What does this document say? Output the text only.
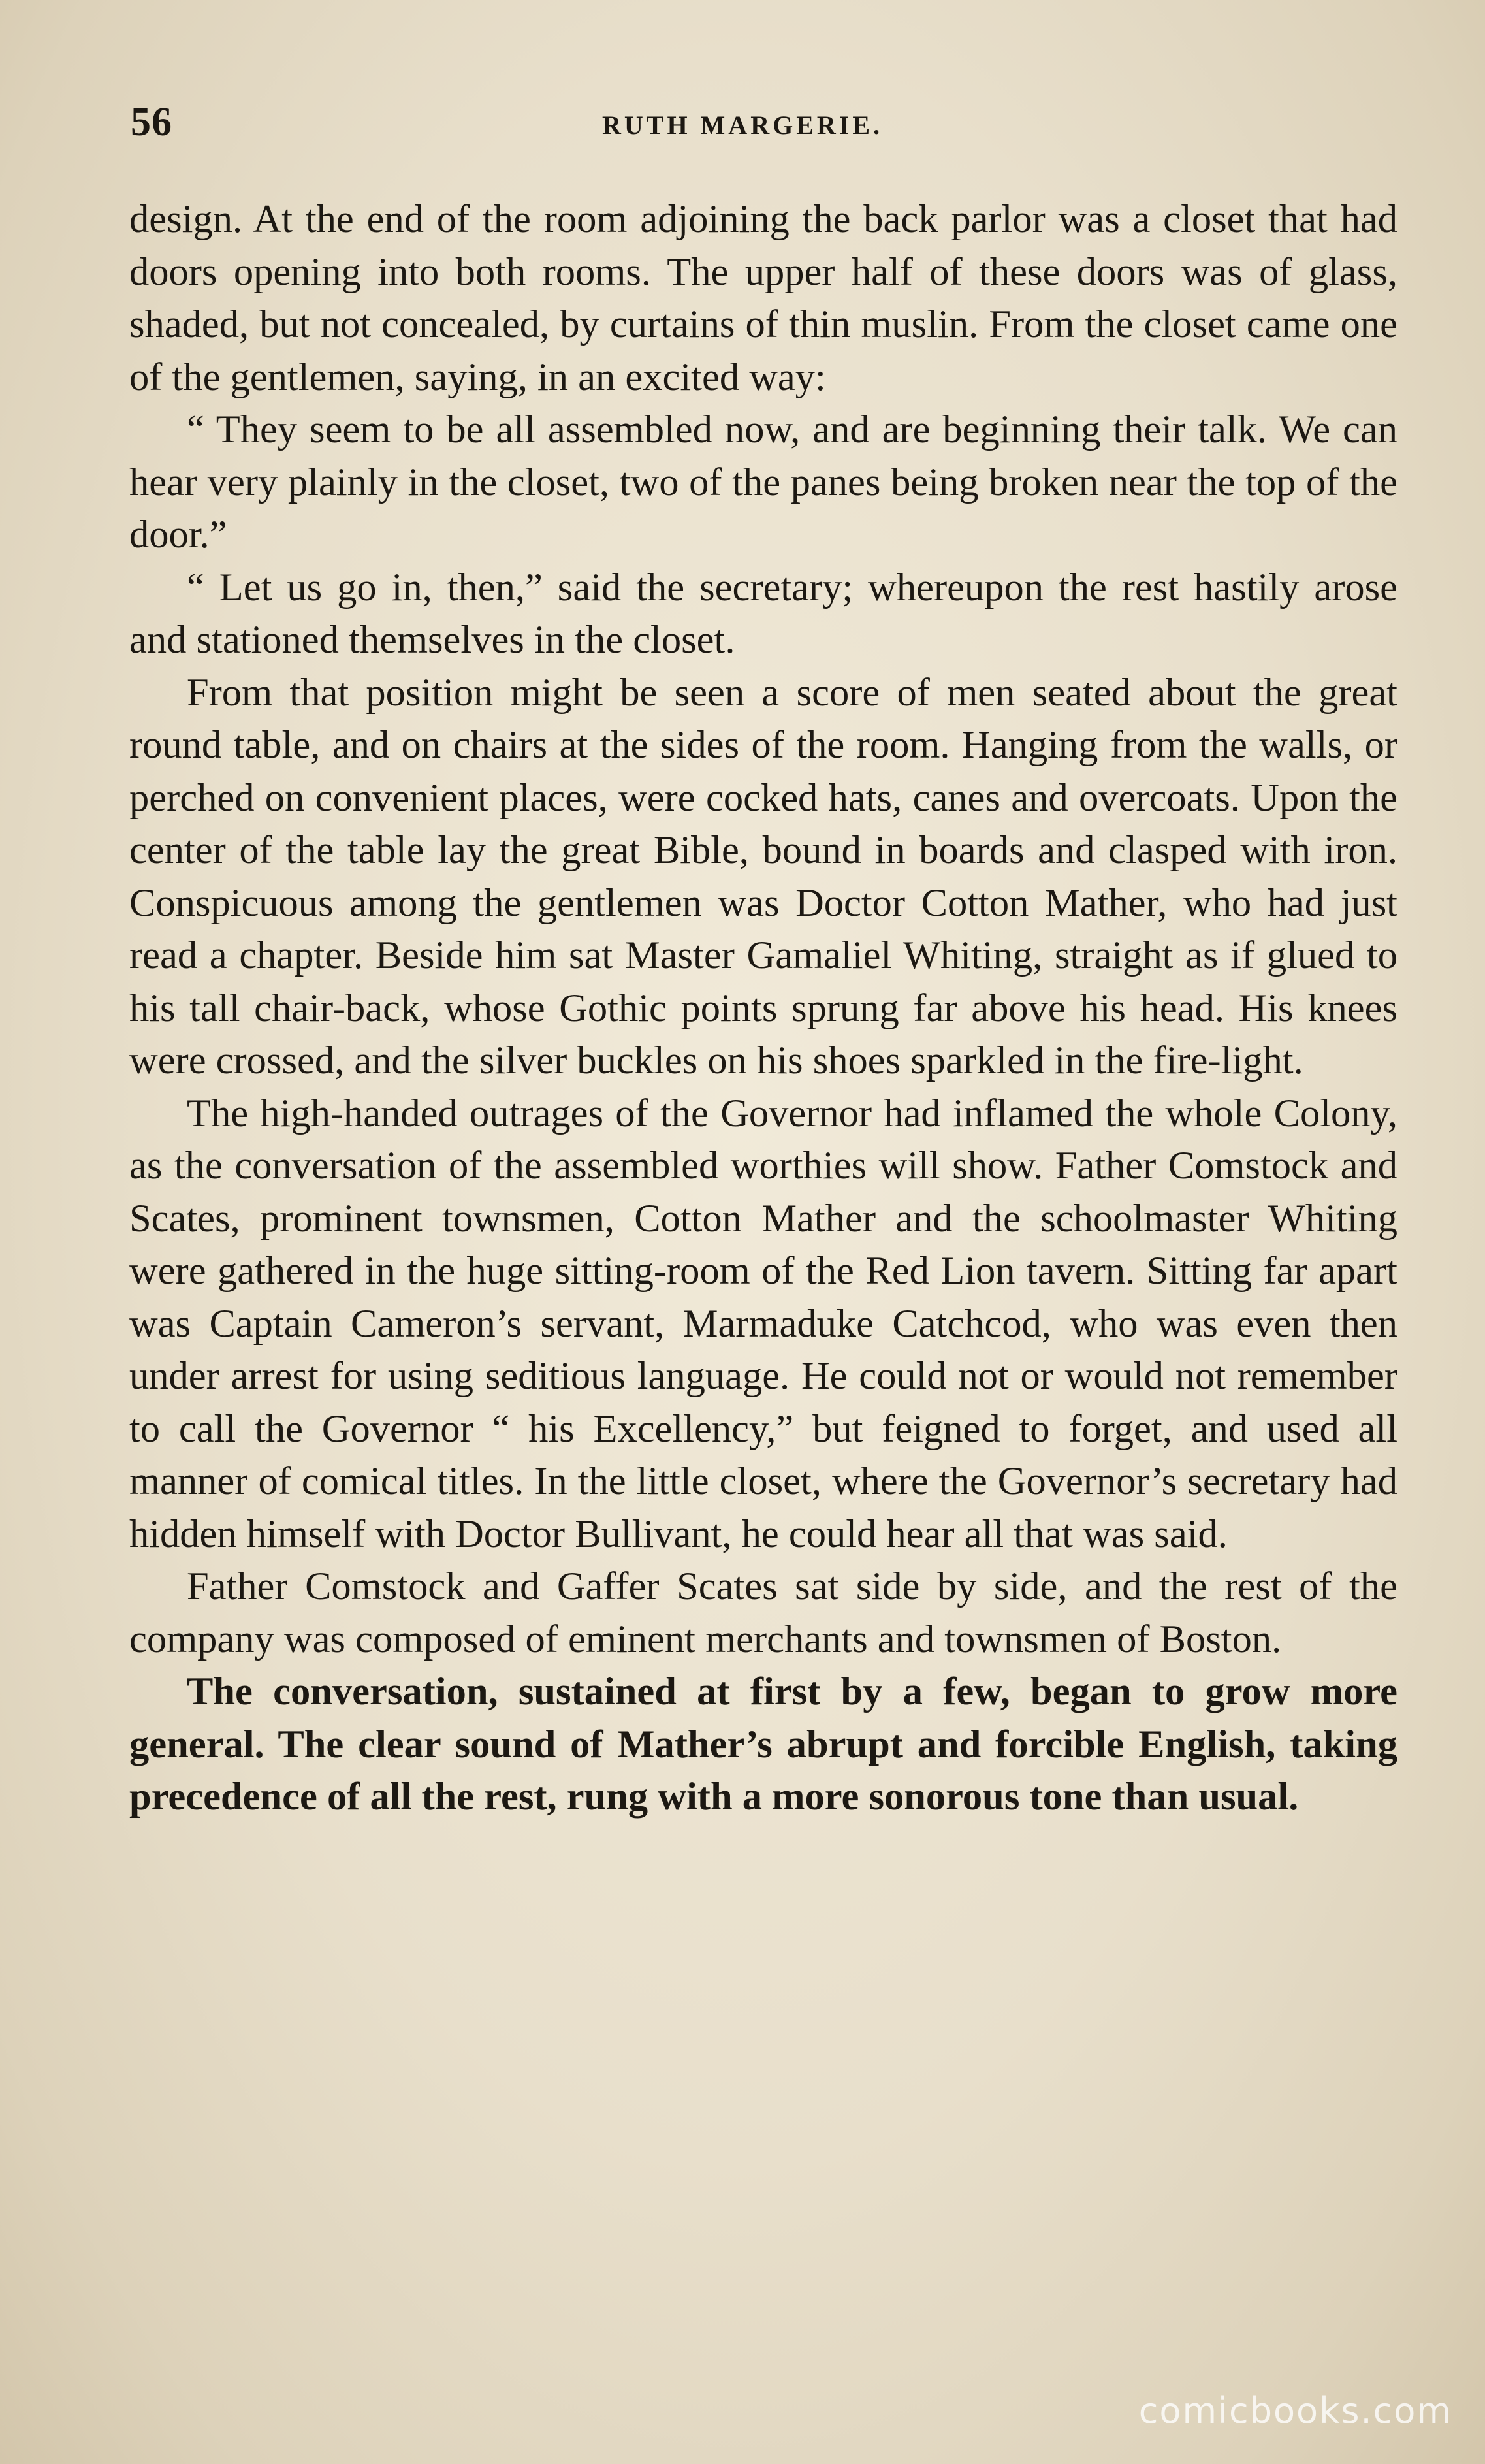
56	RUTH MARGERIE.

design. At the end of the room adjoining the back parlor was a closet that had doors opening into both rooms. The upper half of these doors was of glass, shaded, but not concealed, by curtains of thin muslin. From the closet came one of the gentlemen, saying, in an excited way:

“ They seem to be all assembled now, and are beginning their talk. We can hear very plainly in the closet, two of the panes being broken near the top of the door.”

“ Let us go in, then,” said the secretary; whereupon the rest hastily arose and stationed themselves in the closet.

From that position might be seen a score of men seated about the great round table, and on chairs at the sides of the room. Hanging from the walls, or perched on convenient places, were cocked hats, canes and overcoats. Upon the center of the table lay the great Bible, bound in boards and clasped with iron. Conspicuous among the gentlemen was Doctor Cotton Mather, who had just read a chapter. Beside him sat Master Gamaliel Whiting, straight as if glued to his tall chair-back, whose Gothic points sprung far above his head. His knees were crossed, and the silver buckles on his shoes sparkled in the fire-light.

The high-handed outrages of the Governor had inflamed the whole Colony, as the conversation of the assembled worthies will show. Father Comstock and Scates, prominent townsmen, Cotton Mather and the schoolmaster Whiting were gathered in the huge sitting-room of the Red Lion tavern. Sitting far apart was Captain Cameron’s servant, Marmaduke Catchcod, who was even then under arrest for using seditious language. He could not or would not remember to call the Governor “ his Excellency,” but feigned to forget, and used all manner of comical titles. In the little closet, where the Governor’s secretary had hidden himself with Doctor Bullivant, he could hear all that was said.

Father Comstock and Gaffer Scates sat side by side, and the rest of the company was composed of eminent merchants and townsmen of Boston.

The conversation, sustained at first by a few, began to grow more general. The clear sound of Mather’s abrupt and forcible English, taking precedence of all the rest, rung with a more sonorous tone than usual.

comicbooks.com
